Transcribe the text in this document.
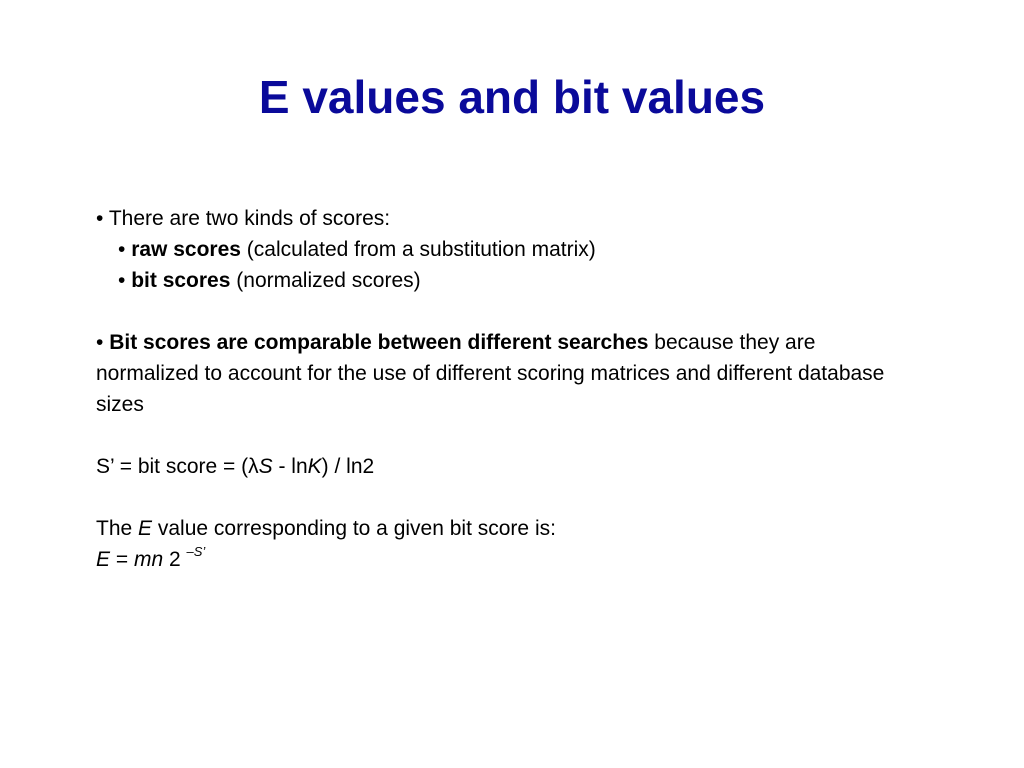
E values and bit values
• There are two kinds of scores:
• raw scores (calculated from a substitution matrix)
• bit scores (normalized scores)
• Bit scores are comparable between different searches because they are normalized to account for the use of different scoring matrices and different database sizes
S’ = bit score = (λS - lnK) / ln2
The E value corresponding to a given bit score is:
E = mn 2 $^{-S’}$
